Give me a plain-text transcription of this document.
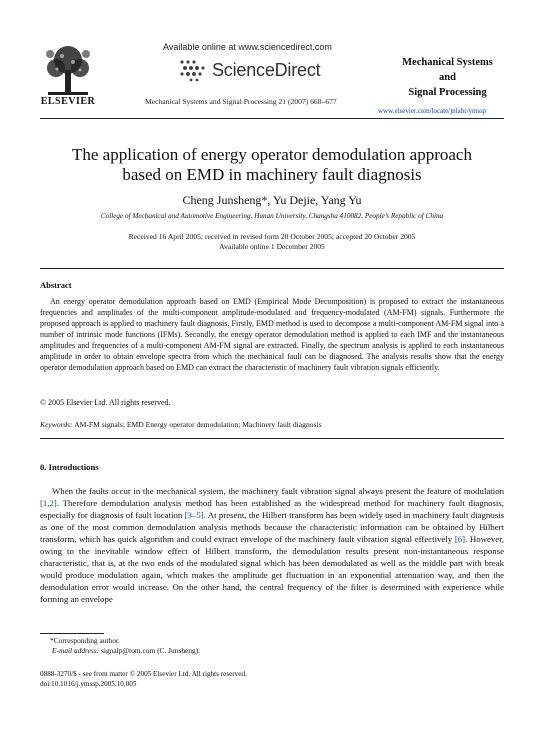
ELSEVIER
Available online at www.sciencedirect.com
ScienceDirect
Mechanical Systems and Signal Processing 21 (2007) 668–677
Mechanical Systems
and
Signal Processing
www.elsevier.com/locate/jnlabr/ymssp
The application of energy operator demodulation approach
based on EMD in machinery fault diagnosis
Cheng Junsheng*, Yu Dejie, Yang Yu
College of Mechanical and Automotive Engineering, Hunan University, Changsha 410082, People’s Republic of China
Received 16 April 2005; received in revised form 20 October 2005; accepted 20 October 2005
Available online 1 December 2005
Abstract
An energy operator demodulation approach based on EMD (Empirical Mode Decomposition) is proposed to extract the instantaneous frequencies and amplitudes of the multi-component amplitude-modulated and frequency-modulated (AM-FM) signals. Furthermore the proposed approach is applied to machinery fault diagnosis. Firstly, EMD method is used to decompose a multi-component AM-FM signal into a number of intrinsic mode functions (IFMs). Secondly, the energy operator demodulation method is applied to each IMF and the instantaneous amplitudes and frequencies of a multi-component AM-FM signal are extracted. Finally, the spectrum analysis is applied to each instantaneous amplitude in order to obtain envelope spectra from which the mechanical fault can be diagnosed. The analysis results show that the energy operator demodulation approach based on EMD can extract the characteristic of machinery fault vibration signals efficiently.
© 2005 Elsevier Ltd. All rights reserved.
Keywords: AM-FM signals; EMD Energy operator demodulation; Machinery fault diagnosis
0. Introductions
When the faults occur in the mechanical system, the machinery fault vibration signal always present the feature of modulation [1,2]. Therefore demodulation analysis method has been established as the widespread method for machinery fault diagnosis, especially for diagnosis of fault location [3–5]. At present, the Hilbert transform has been widely used in machinery fault diagnosis as one of the most common demodulation analysis methods because the characteristic information can be obtained by Hilbert transform, which has quick algorithm and could extract envelope of the machinery fault vibration signal effectively [6]. However, owing to the inevitable window effect of Hilbert transform, the demodulation results present non-instantaneous response characteristic, that is, at the two ends of the modulated signal which has been demodulated as well as the middle part with break would produce modulation again, which makes the amplitude get fluctuation in an exponential attenuation way, and then the demodulation error would increase. On the other hand, the central frequency of the filter is determined with experience while forming an envelope
*Corresponding author.
E-mail address: signalp@tom.com (C. Junsheng).
0888-3270/$ - see front matter © 2005 Elsevier Ltd. All rights reserved.
doi:10.1016/j.ymssp.2005.10.005
